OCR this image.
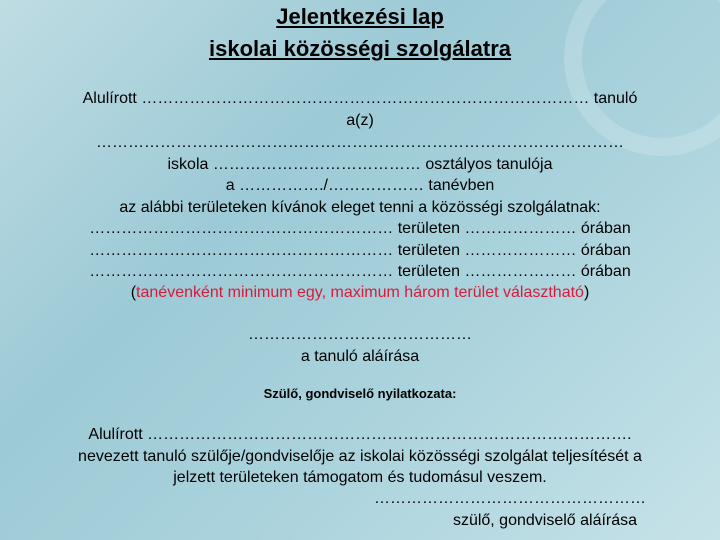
Jelentkezési lap
iskolai közösségi szolgálatra
Alulírott ………………………………………………………………………… tanuló
a(z)
………………………………………………………………………………………
iskola ………………………………… osztályos tanulója
a ……………./……………… tanévben
az alábbi területeken kívánok eleget tenni a közösségi szolgálatnak:
………………………………………………… területen ………………… órában
………………………………………………… területen ………………… órában
………………………………………………… területen ………………… órában
(tanévenként minimum egy, maximum három terület választható)
……………………………………
a tanuló aláírása
Szülő, gondviselő nyilatkozata:
Alulírott ……………………………………………………………………………….
nevezett tanuló szülője/gondviselője az iskolai közösségi szolgálat teljesítését a
jelzett területeken támogatom és tudomásul veszem.
……………………………………………
szülő, gondviselő aláírása
